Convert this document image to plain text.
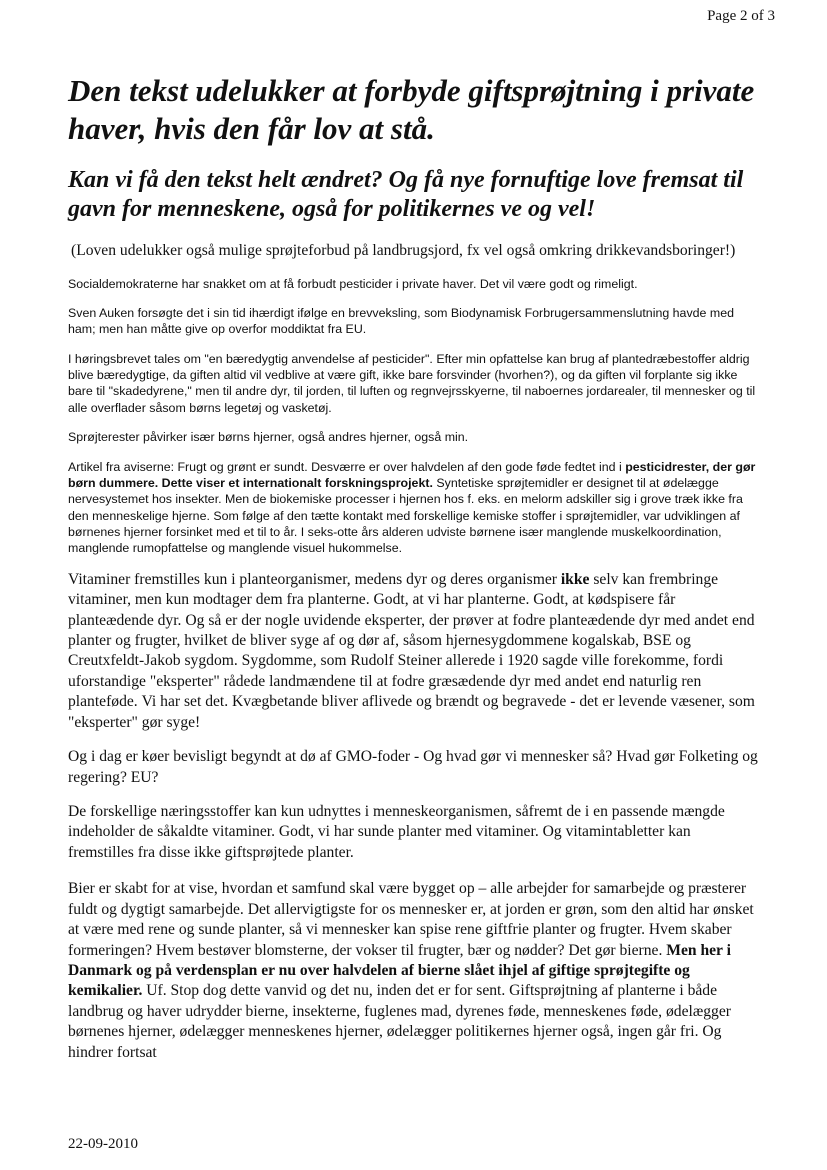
Page 2 of 3
Den tekst udelukker at forbyde giftsprøjtning i private haver, hvis den får lov at stå.
Kan vi få den tekst helt ændret? Og få nye fornuftige love fremsat til gavn for menneskene, også for politikernes ve og vel!

(Loven udelukker også mulige sprøjteforbud på landbrugsjord, fx vel også omkring drikkevandsboringer!)

Socialdemokraterne har snakket om at få forbudt pesticider i private haver. Det vil være godt og rimeligt.

Sven Auken forsøgte det i sin tid ihærdigt ifølge en brevveksling, som Biodynamisk Forbrugersammenslutning havde med ham; men han måtte give op overfor moddiktat fra EU.

I høringsbrevet tales om "en bæredygtig anvendelse af pesticider". Efter min opfattelse kan brug af plantedræbestoffer aldrig blive bæredygtige, da giften altid vil vedblive at være gift, ikke bare forsvinder (hvorhen?), og da giften vil forplante sig ikke bare til "skadedyrene," men til andre dyr, til jorden, til luften og regnvejrsskyerne, til naboernes jordarealer, til mennesker og til alle overflader såsom børns legetøj og vasketøj.

Sprøjterester påvirker især børns hjerner, også andres hjerner, også min.

Artikel fra aviserne: Frugt og grønt er sundt. Desværre er over halvdelen af den gode føde fedtet ind i pesticidrester, der gør børn dummere. Dette viser et internationalt forskningsprojekt. Syntetiske sprøjtemidler er designet til at ødelægge nervesystemet hos insekter. Men de biokemiske processer i hjernen hos f. eks. en melorm adskiller sig i grove træk ikke fra den menneskelige hjerne. Som følge af den tætte kontakt med forskellige kemiske stoffer i sprøjtemidler, var udviklingen af børnenes hjerner forsinket med et til to år. I seks-otte års alderen udviste børnene især manglende muskelkoordination, manglende rumopfattelse og manglende visuel hukommelse.

Vitaminer fremstilles kun i planteorganismer, medens dyr og deres organismer ikke selv kan frembringe vitaminer, men kun modtager dem fra planterne. Godt, at vi har planterne. Godt, at kødspisere får planteædende dyr. Og så er der nogle uvidende eksperter, der prøver at fodre planteædende dyr med andet end planter og frugter, hvilket de bliver syge af og dør af, såsom hjernesygdommene kogalskab, BSE og Creutxfeldt-Jakob sygdom. Sygdomme, som Rudolf Steiner allerede i 1920 sagde ville forekomme, fordi uforstandige "eksperter" rådede landmændene til at fodre græsædende dyr med andet end naturlig ren plantefødе. Vi har set det. Kvægbetande bliver aflivede og brændt og begravede - det er levende væsener, som "eksperter" gør syge!

Og i dag er køer bevisligt begyndt at dø af GMO-foder - Og hvad gør vi mennesker så? Hvad gør Folketing og regering? EU?

De forskellige næringsstoffer kan kun udnyttes i menneskeorganismen, såfremt de i en passende mængde indeholder de såkaldte vitaminer. Godt, vi har sunde planter med vitaminer. Og vitamintabletter kan fremstilles fra disse ikke giftsprøjtede planter.

Bier er skabt for at vise, hvordan et samfund skal være bygget op – alle arbejder for samarbejde og præsterer fuldt og dygtigt samarbejde. Det allervigtigste for os mennesker er, at jorden er grøn, som den altid har ønsket at være med rene og sunde planter, så vi mennesker kan spise rene giftfrie planter og frugter. Hvem skaber formeringen? Hvem bestøver blomsterne, der vokser til frugter, bær og nødder? Det gør bierne. Men her i Danmark og på verdensplan er nu over halvdelen af bierne slået ihjel af giftige sprøjtegifte og kemikalier. Uf. Stop dog dette vanvid og det nu, inden det er for sent. Giftsprøjtning af planterne i både landbrug og haver udrydder bierne, insekterne, fuglenes mad, dyrenes føde, menneskenes føde, ødelægger børnenes hjerner, ødelægger menneskenes hjerner, ødelægger politikernes hjerner også, ingen går fri. Og hindrer fortsat

22-09-2010
